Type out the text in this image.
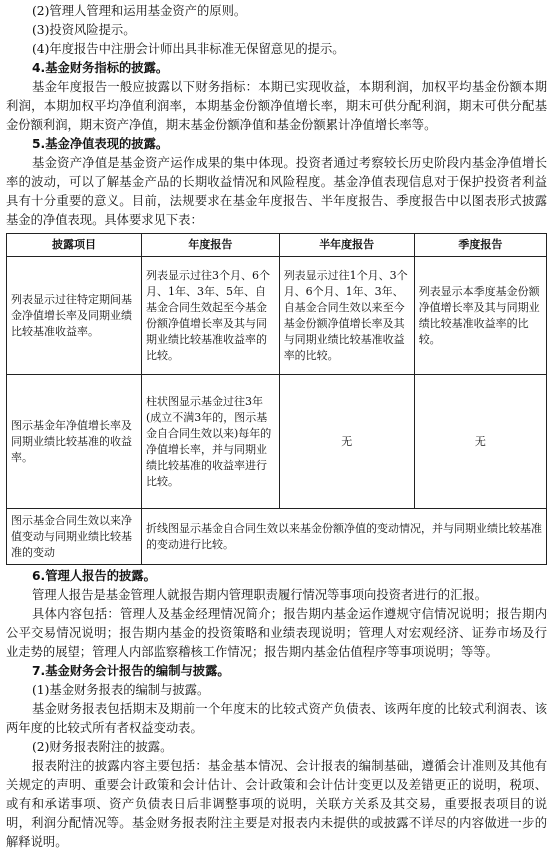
(2)管理人管理和运用基金资产的原则。
(3)投资风险提示。
(4)年度报告中注册会计师出具非标准无保留意见的提示。
4.基金财务指标的披露。
基金年度报告一般应披露以下财务指标：本期已实现收益，本期利润，加权平均基金份额本期利润，本期加权平均净值利润率，本期基金份额净值增长率，期末可供分配利润，期末可供分配基金份额利润，期末资产净值，期末基金份额净值和基金份额累计净值增长率等。
5.基金净值表现的披露。
基金资产净值是基金资产运作成果的集中体现。投资者通过考察较长历史阶段内基金净值增长率的波动，可以了解基金产品的长期收益情况和风险程度。基金净值表现信息对于保护投资者利益具有十分重要的意义。目前，法规要求在基金年度报告、半年度报告、季度报告中以图表形式披露基金的净值表现。具体要求见下表：
披露项目	年度报告	半年度报告	季度报告
列表显示过往特定期间基金净值增长率及同期业绩比较基准收益率。	列表显示过往3个月、6个月、1年、3年、5年、自基金合同生效起至今基金份额净值增长率及其与同期业绩比较基准收益率的比较。	列表显示过往1个月、3个月、6个月、1年、3年、自基金合同生效以来至今基金份额净值增长率及其与同期业绩比较基准收益率的比较。	列表显示本季度基金份额净值增长率及其与同期业绩比较基准收益率的比较。
图示基金年净值增长率及同期业绩比较基准的收益率。	柱状图显示基金过往3年(成立不满3年的，图示基金自合同生效以来)每年的净值增长率，并与同期业绩比较基准的收益率进行比较。	无	无
图示基金合同生效以来净值变动与同期业绩比较基准的变动	折线图显示基金自合同生效以来基金份额净值的变动情况，并与同期业绩比较基准的变动进行比较。		
6.管理人报告的披露。
管理人报告是基金管理人就报告期内管理职责履行情况等事项向投资者进行的汇报。
具体内容包括：管理人及基金经理情况简介；报告期内基金运作遵规守信情况说明；报告期内公平交易情况说明；报告期内基金的投资策略和业绩表现说明；管理人对宏观经济、证券市场及行业走势的展望；管理人内部监察稽核工作情况；报告期内基金估值程序等事项说明；等等。
7.基金财务会计报告的编制与披露。
(1)基金财务报表的编制与披露。
基金财务报表包括期末及期前一个年度末的比较式资产负债表、该两年度的比较式利润表、该两年度的比较式所有者权益变动表。
(2)财务报表附注的披露。
报表附注的披露内容主要包括：基金基本情况、会计报表的编制基础，遵循会计准则及其他有关规定的声明、重要会计政策和会计估计、会计政策和会计估计变更以及差错更正的说明，税项、或有和承诺事项、资产负债表日后非调整事项的说明，关联方关系及其交易，重要报表项目的说明，利润分配情况等。基金财务报表附注主要是对报表内未提供的或披露不详尽的内容做进一步的解释说明。
